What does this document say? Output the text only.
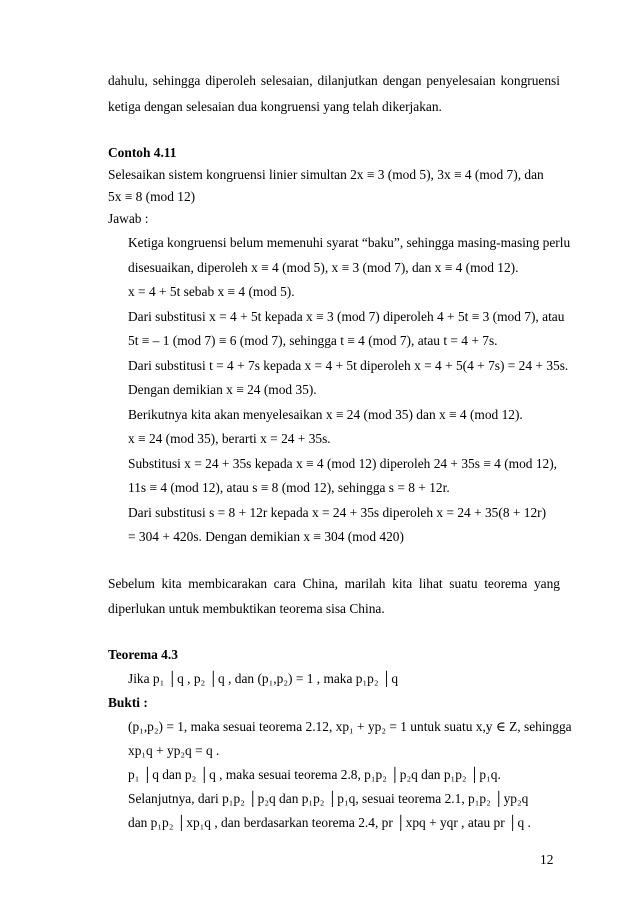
dahulu, sehingga diperoleh selesaian, dilanjutkan dengan penyelesaian kongruensi
ketiga dengan selesaian dua kongruensi yang telah dikerjakan.
Contoh 4.11
Selesaikan sistem kongruensi linier simultan 2x ≡ 3 (mod 5), 3x ≡ 4 (mod 7), dan
5x ≡ 8 (mod 12)
Jawab :
Ketiga kongruensi belum memenuhi syarat “baku”, sehingga masing-masing perlu
disesuaikan, diperoleh x ≡ 4 (mod 5), x ≡ 3 (mod 7), dan x ≡ 4 (mod 12).
x = 4 + 5t sebab x ≡ 4 (mod 5).
Dari substitusi x = 4 + 5t kepada x ≡ 3 (mod 7) diperoleh 4 + 5t ≡ 3 (mod 7), atau
5t ≡ – 1 (mod 7) ≡ 6 (mod 7), sehingga t ≡ 4 (mod 7), atau t = 4 + 7s.
Dari substitusi t = 4 + 7s kepada x = 4 + 5t diperoleh x = 4 + 5(4 + 7s) = 24 + 35s.
Dengan demikian x ≡ 24 (mod 35).
Berikutnya kita akan menyelesaikan x ≡ 24 (mod 35) dan x ≡ 4 (mod 12).
x ≡ 24 (mod 35), berarti x = 24 + 35s.
Substitusi x = 24 + 35s kepada x ≡ 4 (mod 12) diperoleh 24 + 35s ≡ 4 (mod 12),
11s ≡ 4 (mod 12), atau s ≡ 8 (mod 12), sehingga s = 8 + 12r.
Dari substitusi s = 8 + 12r kepada x = 24 + 35s diperoleh x = 24 + 35(8 + 12r)
= 304 + 420s. Dengan demikian x ≡ 304 (mod 420)
Sebelum kita membicarakan cara China, marilah kita lihat suatu teorema yang
diperlukan untuk membuktikan teorema sisa China.
Teorema 4.3
Jika p₁ │q , p₂ │q , dan (p₁,p₂) = 1 , maka p₁p₂ │q
Bukti :
(p₁,p₂) = 1, maka sesuai teorema 2.12, xp₁ + yp₂ = 1 untuk suatu x,y ∈ Z, sehingga
xp₁q + yp₂q = q .
p₁ │q dan p₂ │q , maka sesuai teorema 2.8, p₁p₂ │p₂q dan p₁p₂ │p₁q.
Selanjutnya, dari p₁p₂ │p₂q dan p₁p₂ │p₁q, sesuai teorema 2.1, p₁p₂ │yp₂q
dan p₁p₂ │xp₁q , dan berdasarkan teorema 2.4, pr │xpq + yqr , atau pr │q .
12
